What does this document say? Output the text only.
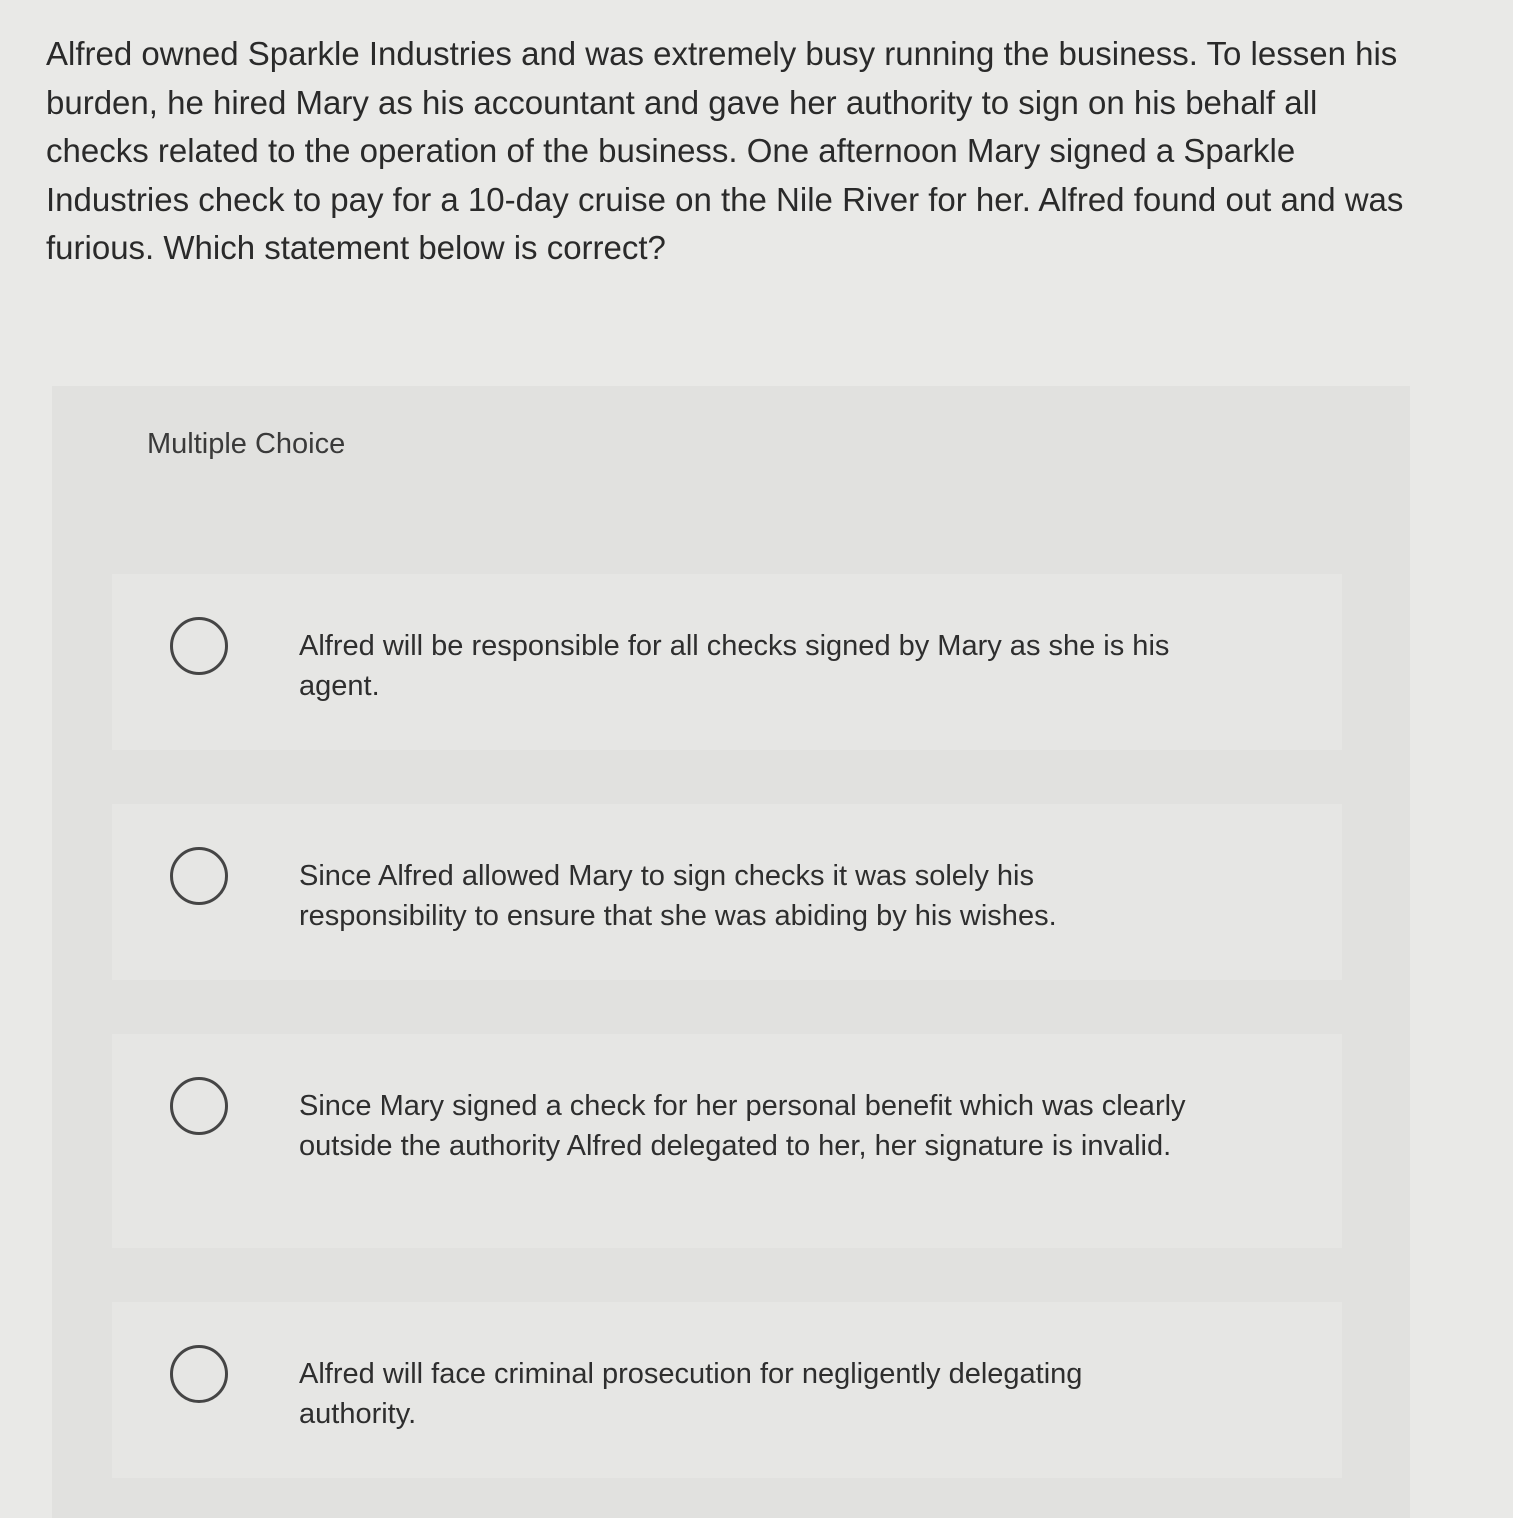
Alfred owned Sparkle Industries and was extremely busy running the business. To lessen his burden, he hired Mary as his accountant and gave her authority to sign on his behalf all checks related to the operation of the business. One afternoon Mary signed a Sparkle Industries check to pay for a 10-day cruise on the Nile River for her. Alfred found out and was furious. Which statement below is correct?

Multiple Choice
Alfred will be responsible for all checks signed by Mary as she is his agent.
Since Alfred allowed Mary to sign checks it was solely his responsibility to ensure that she was abiding by his wishes.
Since Mary signed a check for her personal benefit which was clearly outside the authority Alfred delegated to her, her signature is invalid.
Alfred will face criminal prosecution for negligently delegating authority.
